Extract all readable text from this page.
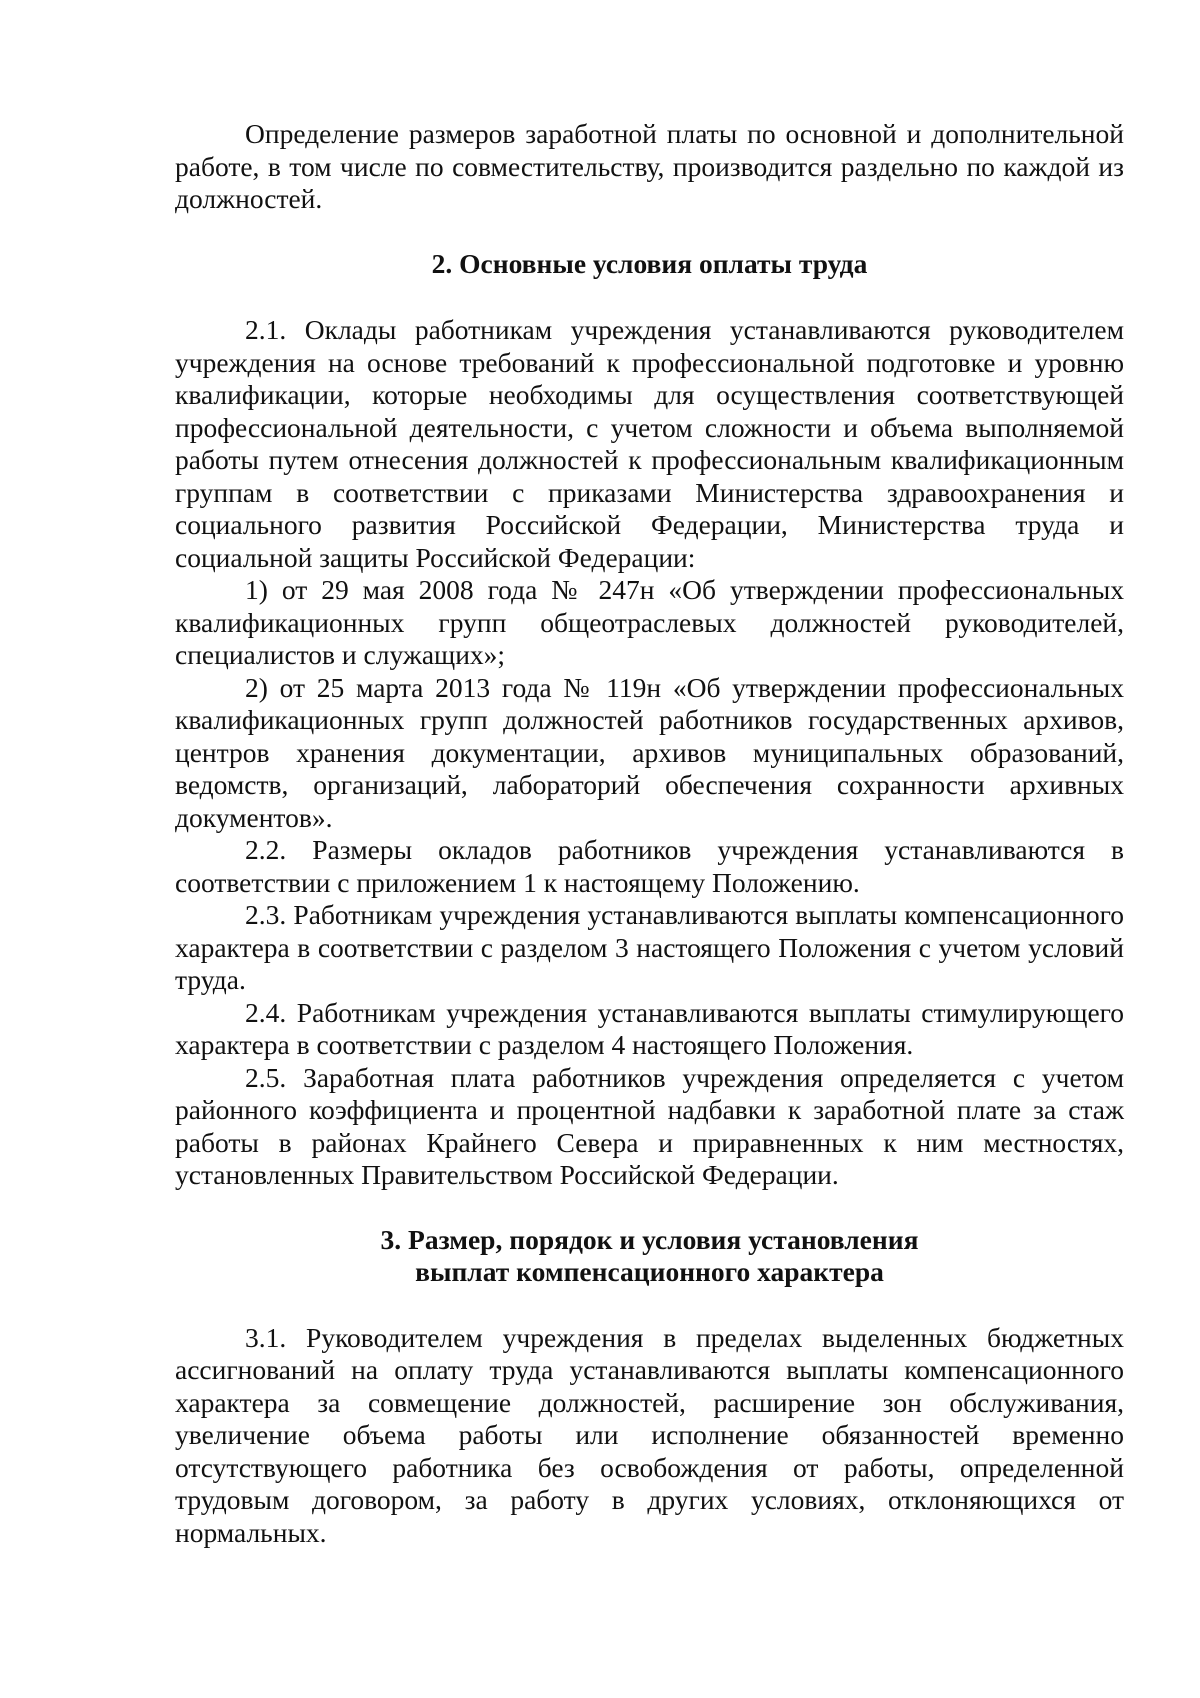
Определение размеров заработной платы по основной и дополнительной работе, в том числе по совместительству, производится раздельно по каждой из должностей.

2. Основные условия оплаты труда

2.1. Оклады работникам учреждения устанавливаются руководителем учреждения на основе требований к профессиональной подготовке и уровню квалификации, которые необходимы для осуществления соответствующей профессиональной деятельности, с учетом сложности и объема выполняемой работы путем отнесения должностей к профессиональным квалификационным группам в соответствии с приказами Министерства здравоохранения и социального развития Российской Федерации, Министерства труда и социальной защиты Российской Федерации:

1) от 29 мая 2008 года № 247н «Об утверждении профессиональных квалификационных групп общеотраслевых должностей руководителей, специалистов и служащих»;

2) от 25 марта 2013 года № 119н «Об утверждении профессиональных квалификационных групп должностей работников государственных архивов, центров хранения документации, архивов муниципальных образований, ведомств, организаций, лабораторий обеспечения сохранности архивных документов».

2.2. Размеры окладов работников учреждения устанавливаются в соответствии с приложением 1 к настоящему Положению.

2.3. Работникам учреждения устанавливаются выплаты компенсационного характера в соответствии с разделом 3 настоящего Положения с учетом условий труда.

2.4. Работникам учреждения устанавливаются выплаты стимулирующего характера в соответствии с разделом 4 настоящего Положения.

2.5. Заработная плата работников учреждения определяется с учетом районного коэффициента и процентной надбавки к заработной плате за стаж работы в районах Крайнего Севера и приравненных к ним местностях, установленных Правительством Российской Федерации.

3. Размер, порядок и условия установления

выплат компенсационного характера

3.1. Руководителем учреждения в пределах выделенных бюджетных ассигнований на оплату труда устанавливаются выплаты компенсационного характера за совмещение должностей, расширение зон обслуживания, увеличение объема работы или исполнение обязанностей временно отсутствующего работника без освобождения от работы, определенной трудовым договором, за работу в других условиях, отклоняющихся от нормальных.
